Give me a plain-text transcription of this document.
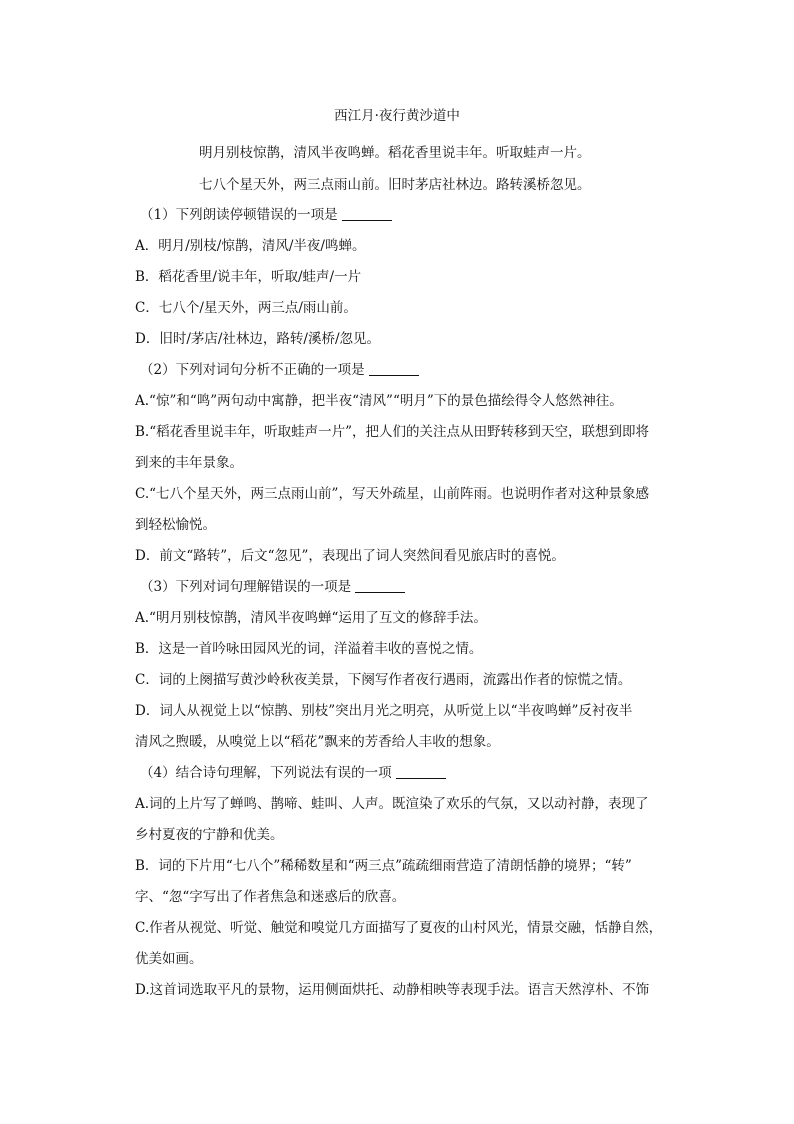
西江月·夜行黄沙道中
明月别枝惊鹊，清风半夜鸣蝉。稻花香里说丰年。听取蛙声一片。
七八个星天外，两三点雨山前。旧时茅店社林边。路转溪桥忽见。
（1）下列朗读停顿错误的一项是
A．明月/别枝/惊鹊，清风/半夜/鸣蝉。
B．稻花香里/说丰年，听取/蛙声/一片
C．七八个/星天外，两三点/雨山前。
D．旧时/茅店/社林边，路转/溪桥/忽见。
（2）下列对词句分析不正确的一项是
A.“惊”和“鸣”两句动中寓静，把半夜“清风”“明月”下的景色描绘得令人悠然神往。
B.“稻花香里说丰年，听取蛙声一片”，把人们的关注点从田野转移到天空，联想到即将
到来的丰年景象。
C.“七八个星天外，两三点雨山前”，写天外疏星，山前阵雨。也说明作者对这种景象感
到轻松愉悦。
D．前文“路转”，后文“忽见”，表现出了词人突然间看见旅店时的喜悦。
（3）下列对词句理解错误的一项是
A.“明月别枝惊鹊，清风半夜鸣蝉“运用了互文的修辞手法。
B．这是一首吟咏田园风光的词，洋溢着丰收的喜悦之情。
C．词的上阕描写黄沙岭秋夜美景，下阕写作者夜行遇雨，流露出作者的惊慌之情。
D．词人从视觉上以“惊鹊、别枝”突出月光之明亮，从听觉上以“半夜鸣蝉”反衬夜半
清风之煦暖，从嗅觉上以“稻花”飘来的芳香给人丰收的想象。
（4）结合诗句理解，下列说法有误的一项
A.词的上片写了蝉鸣、鹊啼、蛙叫、人声。既渲染了欢乐的气氛，又以动衬静，表现了
乡村夏夜的宁静和优美。
B．词的下片用“七八个”稀稀数星和“两三点”疏疏细雨营造了清朗恬静的境界；“转”
字、“忽“字写出了作者焦急和迷惑后的欣喜。
C.作者从视觉、听觉、触觉和嗅觉几方面描写了夏夜的山村风光，情景交融，恬静自然，
优美如画。
D.这首词选取平凡的景物，运用侧面烘托、动静相映等表现手法。语言天然淳朴、不饰
